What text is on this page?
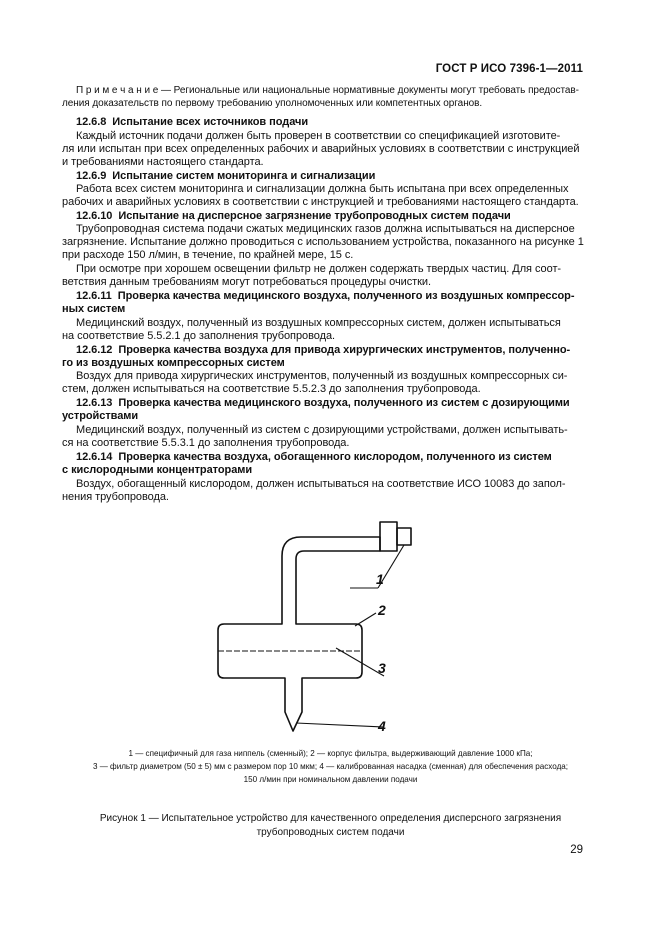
ГОСТ Р ИСО 7396-1—2011
П р и м е ч а н и е — Региональные или национальные нормативные документы могут требовать предостав-
ления доказательств по первому требованию уполномоченных или компетентных органов.
12.6.8  Испытание всех источников подачи
Каждый источник подачи должен быть проверен в соответствии со спецификацией изготовите-
ля или испытан при всех определенных рабочих и аварийных условиях в соответствии с инструкцией
и требованиями настоящего стандарта.
12.6.9  Испытание систем мониторинга и сигнализации
Работа всех систем мониторинга и сигнализации должна быть испытана при всех определенных
рабочих и аварийных условиях в соответствии с инструкцией и требованиями настоящего стандарта.
12.6.10  Испытание на дисперсное загрязнение трубопроводных систем подачи
Трубопроводная система подачи сжатых медицинских газов должна испытываться на дисперсное
загрязнение. Испытание должно проводиться с использованием устройства, показанного на рисунке 1
при расходе 150 л/мин, в течение, по крайней мере, 15 с.
При осмотре при хорошем освещении фильтр не должен содержать твердых частиц. Для соот-
ветствия данным требованиям могут потребоваться процедуры очистки.
12.6.11  Проверка качества медицинского воздуха, полученного из воздушных компрессор-
ных систем
Медицинский воздух, полученный из воздушных компрессорных систем, должен испытываться
на соответствие 5.5.2.1 до заполнения трубопровода.
12.6.12  Проверка качества воздуха для привода хирургических инструментов, полученно-
го из воздушных компрессорных систем
Воздух для привода хирургических инструментов, полученный из воздушных компрессорных си-
стем, должен испытываться на соответствие 5.5.2.3 до заполнения трубопровода.
12.6.13  Проверка качества медицинского воздуха, полученного из систем с дозирующими
устройствами
Медицинский воздух, полученный из систем с дозирующими устройствами, должен испытывать-
ся на соответствие 5.5.3.1 до заполнения трубопровода.
12.6.14  Проверка качества воздуха, обогащенного кислородом, полученного из систем
с кислородными концентраторами
Воздух, обогащенный кислородом, должен испытываться на соответствие ИСО 10083 до запол-
нения трубопровода.
1
2
3
4
1 — специфичный для газа ниппель (сменный); 2 — корпус фильтра, выдерживающий давление 1000 кПа;
3 — фильтр диаметром (50 ± 5) мм с размером пор 10 мкм; 4 — калиброванная насадка (сменная) для обеспечения расхода;
150 л/мин при номинальном давлении подачи
Рисунок 1 — Испытательное устройство для качественного определения дисперсного загрязнения
трубопроводных систем подачи
29
